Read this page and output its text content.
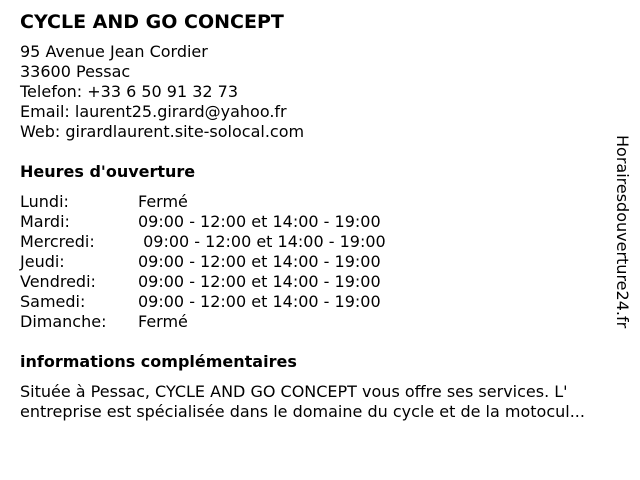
CYCLE AND GO CONCEPT
95 Avenue Jean Cordier
33600 Pessac
Telefon: +33 6 50 91 32 73
Email: laurent25.girard@yahoo.fr
Web: girardlaurent.site-solocal.com
Heures d'ouverture
Lundi:	Fermé
Mardi:	09:00 - 12:00 et 14:00 - 19:00
Mercredi:	09:00 - 12:00 et 14:00 - 19:00
Jeudi:	09:00 - 12:00 et 14:00 - 19:00
Vendredi:	09:00 - 12:00 et 14:00 - 19:00
Samedi:	09:00 - 12:00 et 14:00 - 19:00
Dimanche:	Fermé
informations complémentaires
Située à Pessac, CYCLE AND GO CONCEPT vous offre ses services. L'
entreprise est spécialisée dans le domaine du cycle et de la motocul...
Horairesdouverture24.fr
